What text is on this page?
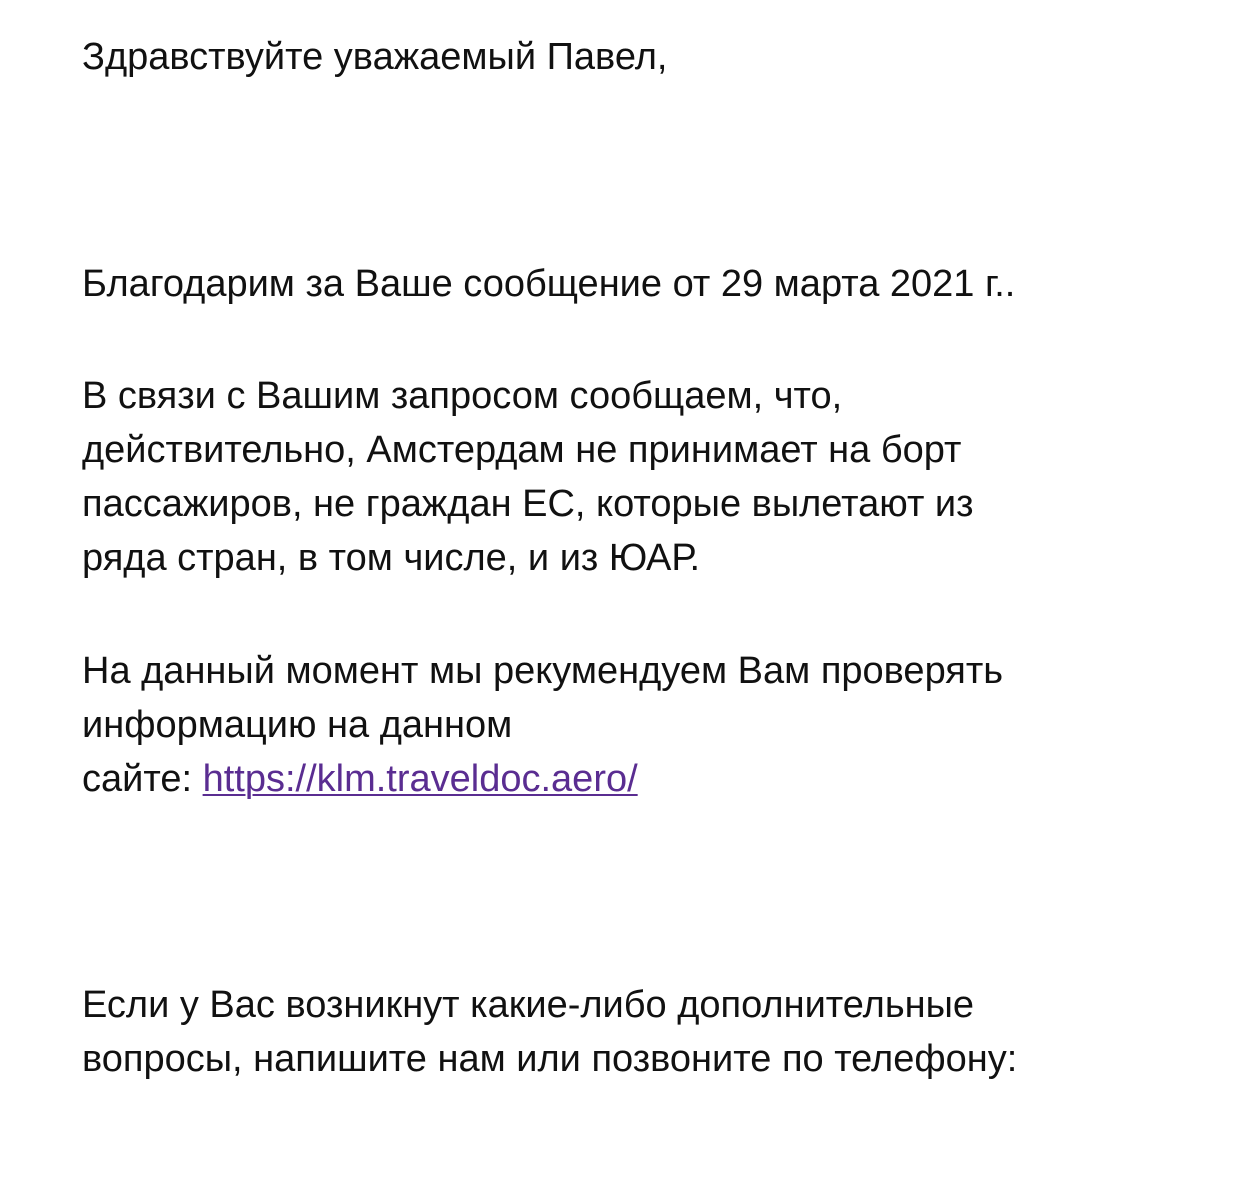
Здравствуйте уважаемый Павел,
Благодарим за Ваше сообщение от 29 марта 2021 г..
В связи с Вашим запросом сообщаем, что,
действительно, Амстердам не принимает на борт
пассажиров, не граждан ЕС, которые вылетают из
ряда стран, в том числе, и из ЮАР.
На данный момент мы рекумендуем Вам проверять
информацию на данном
сайте: https://klm.traveldoc.aero/
Если у Вас возникнут какие-либо дополнительные
вопросы, напишите нам или позвоните по телефону:
